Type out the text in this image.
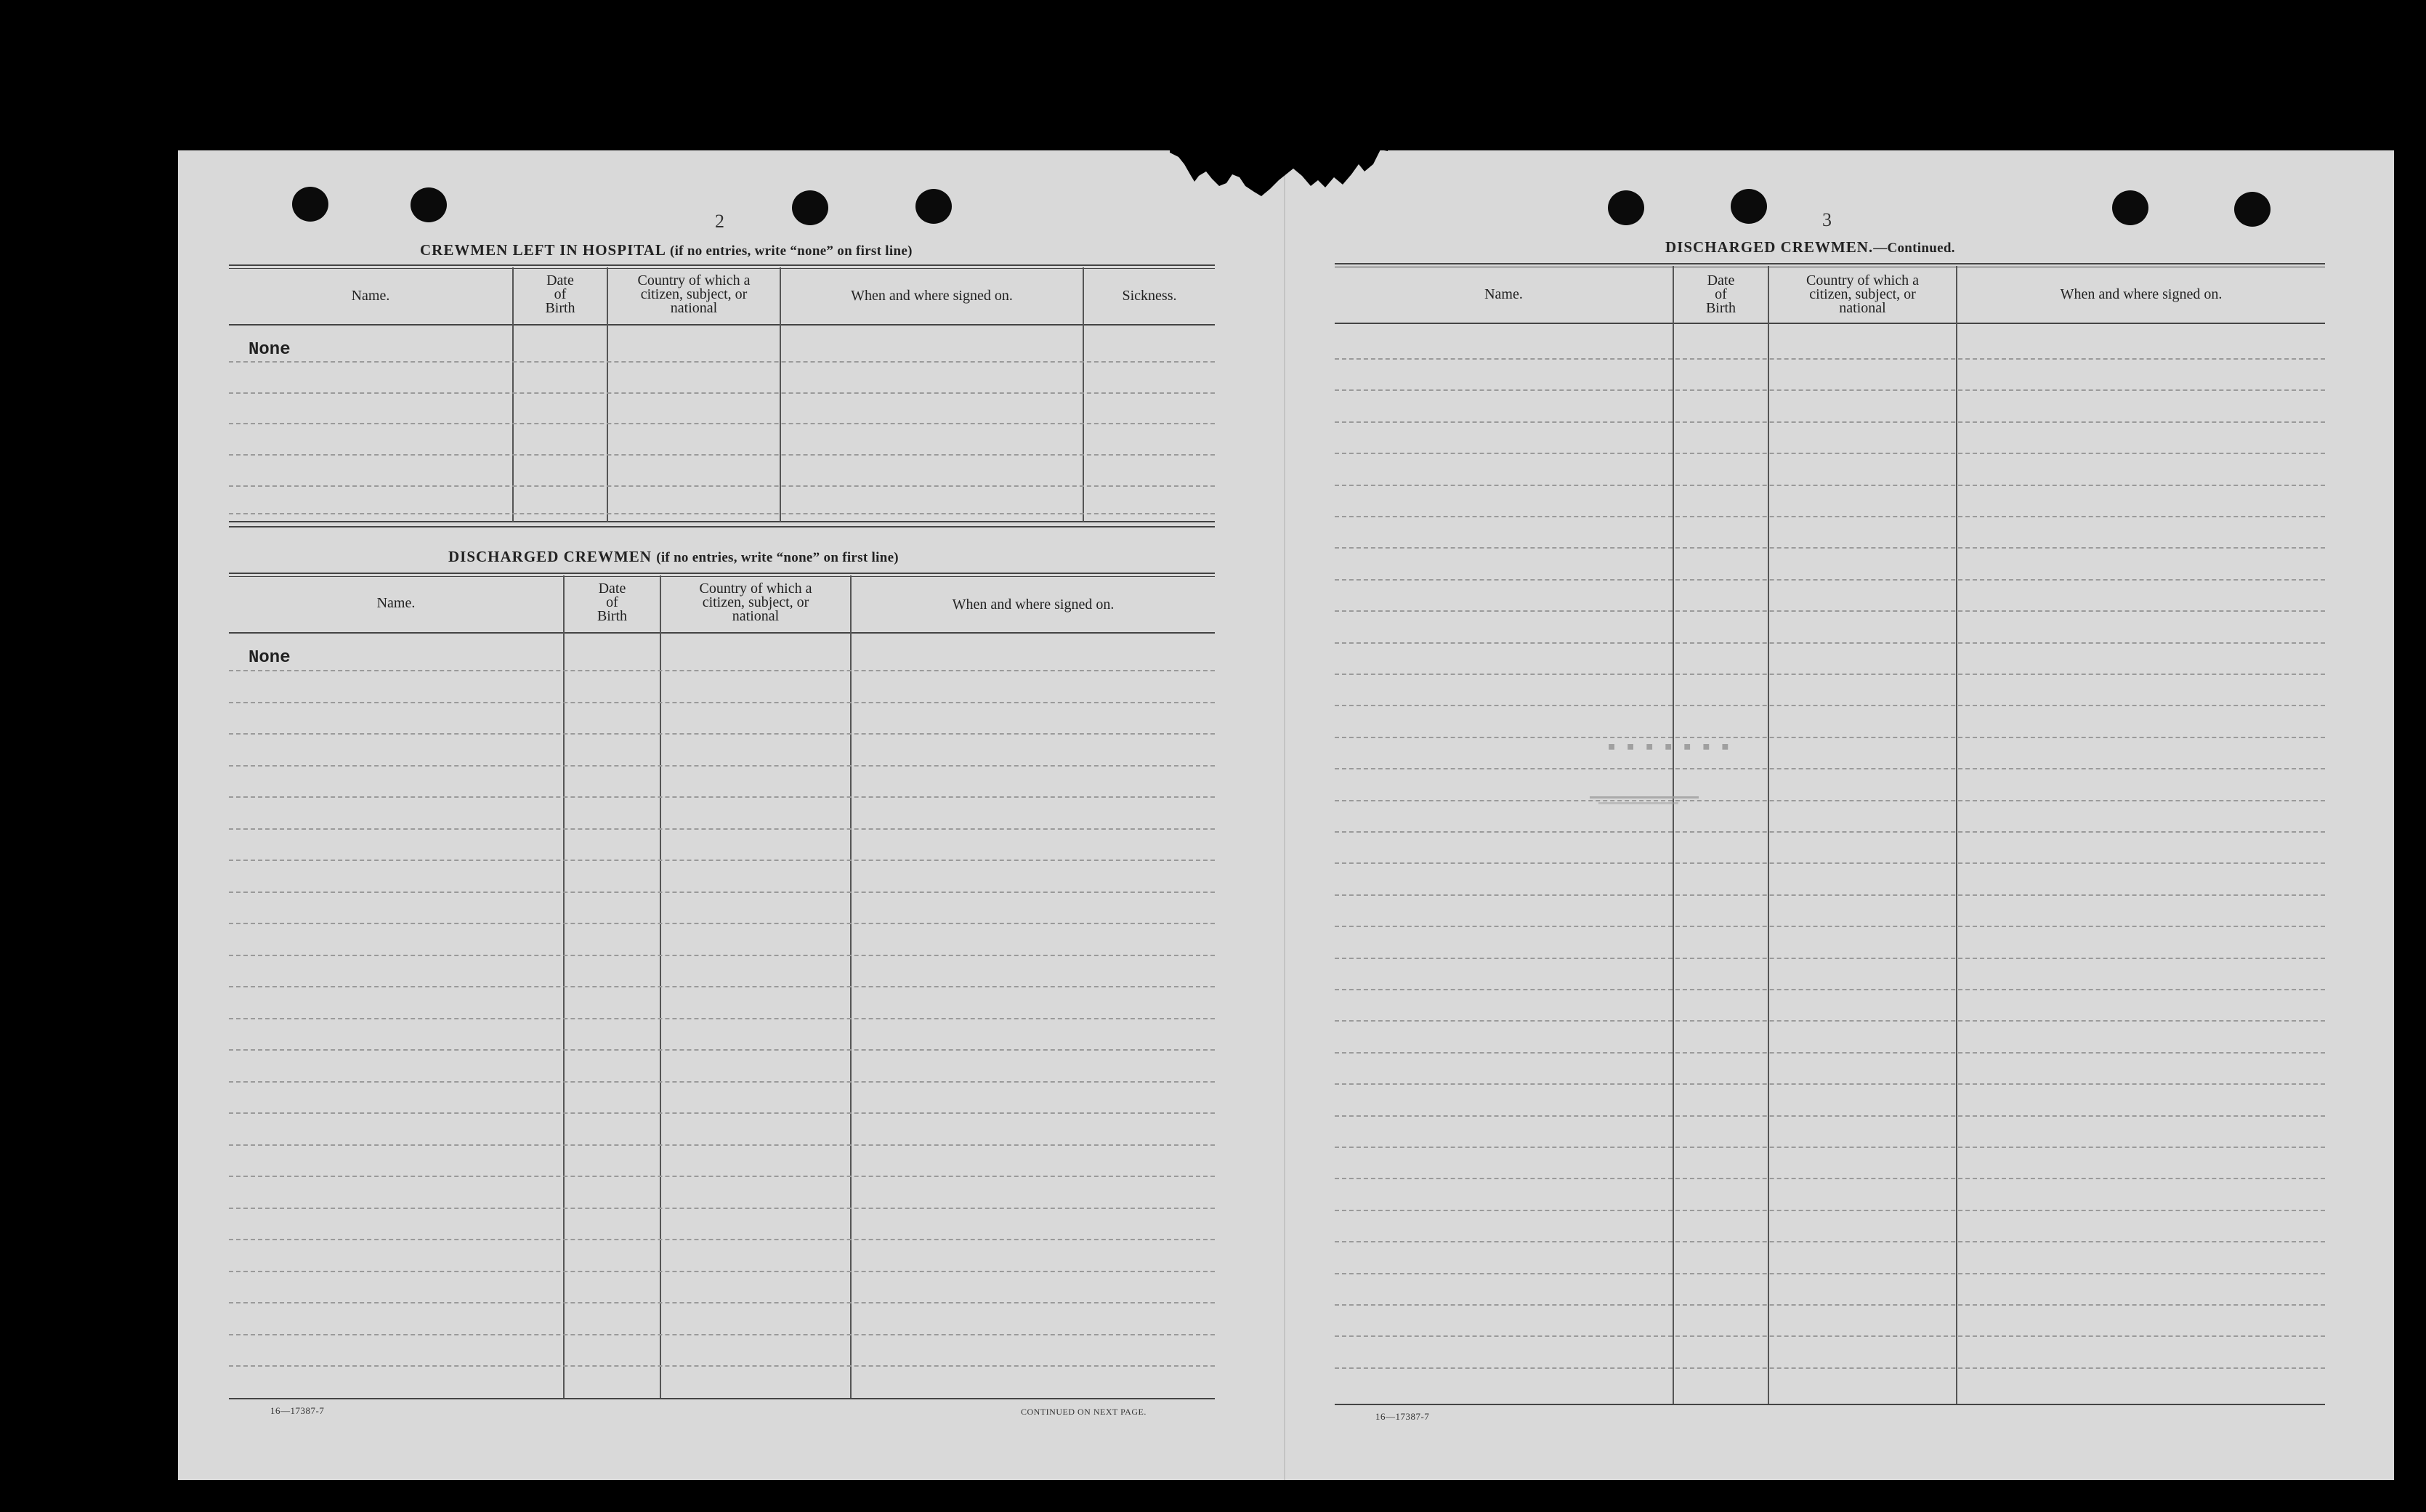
2
CREWMEN LEFT IN HOSPITAL (if no entries, write “none” on first line)
Name.
Date
of
Birth
Country of which a
citizen, subject, or
national
When and where signed on.	Sickness.
None
DISCHARGED CREWMEN (if no entries, write “none” on first line)
Name.
Date
of
Birth
Country of which a
citizen, subject, or
national
When and where signed on.
None
16—17387-7	CONTINUED ON NEXT PAGE.
3
DISCHARGED CREWMEN.—Continued.
Name.
Date
of
Birth
Country of which a
citizen, subject, or
national
When and where signed on.
▪▪▪▪▪▪▪
16—17387-7
